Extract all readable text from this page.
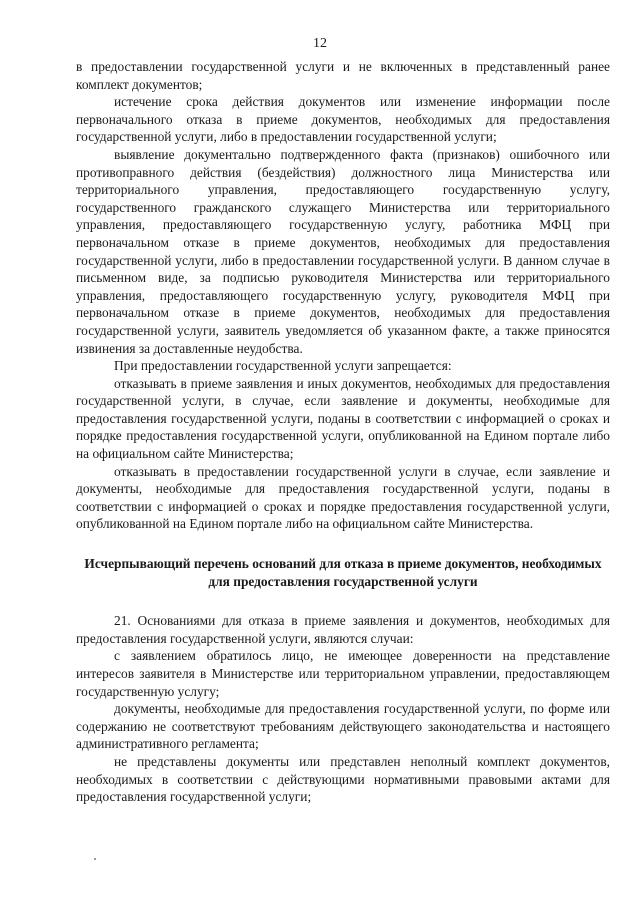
12

в предоставлении государственной услуги и не включенных в представленный ранее комплект документов;

истечение срока действия документов или изменение информации после первоначального отказа в приеме документов, необходимых для предоставления государственной услуги, либо в предоставлении государственной услуги;

выявление документально подтвержденного факта (признаков) ошибочного или противоправного действия (бездействия) должностного лица Министерства или территориального управления, предоставляющего государственную услугу, государственного гражданского служащего Министерства или территориального управления, предоставляющего государственную услугу, работника МФЦ при первоначальном отказе в приеме документов, необходимых для предоставления государственной услуги, либо в предоставлении государственной услуги. В данном случае в письменном виде, за подписью руководителя Министерства или территориального управления, предоставляющего государственную услугу, руководителя МФЦ при первоначальном отказе в приеме документов, необходимых для предоставления государственной услуги, заявитель уведомляется об указанном факте, а также приносятся извинения за доставленные неудобства.

При предоставлении государственной услуги запрещается:

отказывать в приеме заявления и иных документов, необходимых для предоставления государственной услуги, в случае, если заявление и документы, необходимые для предоставления государственной услуги, поданы в соответствии с информацией о сроках и порядке предоставления государственной услуги, опубликованной на Едином портале либо на официальном сайте Министерства;

отказывать в предоставлении государственной услуги в случае, если заявление и документы, необходимые для предоставления государственной услуги, поданы в соответствии с информацией о сроках и порядке предоставления государственной услуги, опубликованной на Едином портале либо на официальном сайте Министерства.

Исчерпывающий перечень оснований для отказа в приеме документов, необходимых для предоставления государственной услуги

21. Основаниями для отказа в приеме заявления и документов, необходимых для предоставления государственной услуги, являются случаи:

с заявлением обратилось лицо, не имеющее доверенности на представление интересов заявителя в Министерстве или территориальном управлении, предоставляющем государственную услугу;

документы, необходимые для предоставления государственной услуги, по форме или содержанию не соответствуют требованиям действующего законодательства и настоящего административного регламента;

не представлены документы или представлен неполный комплект документов, необходимых в соответствии с действующими нормативными правовыми актами для предоставления государственной услуги;
